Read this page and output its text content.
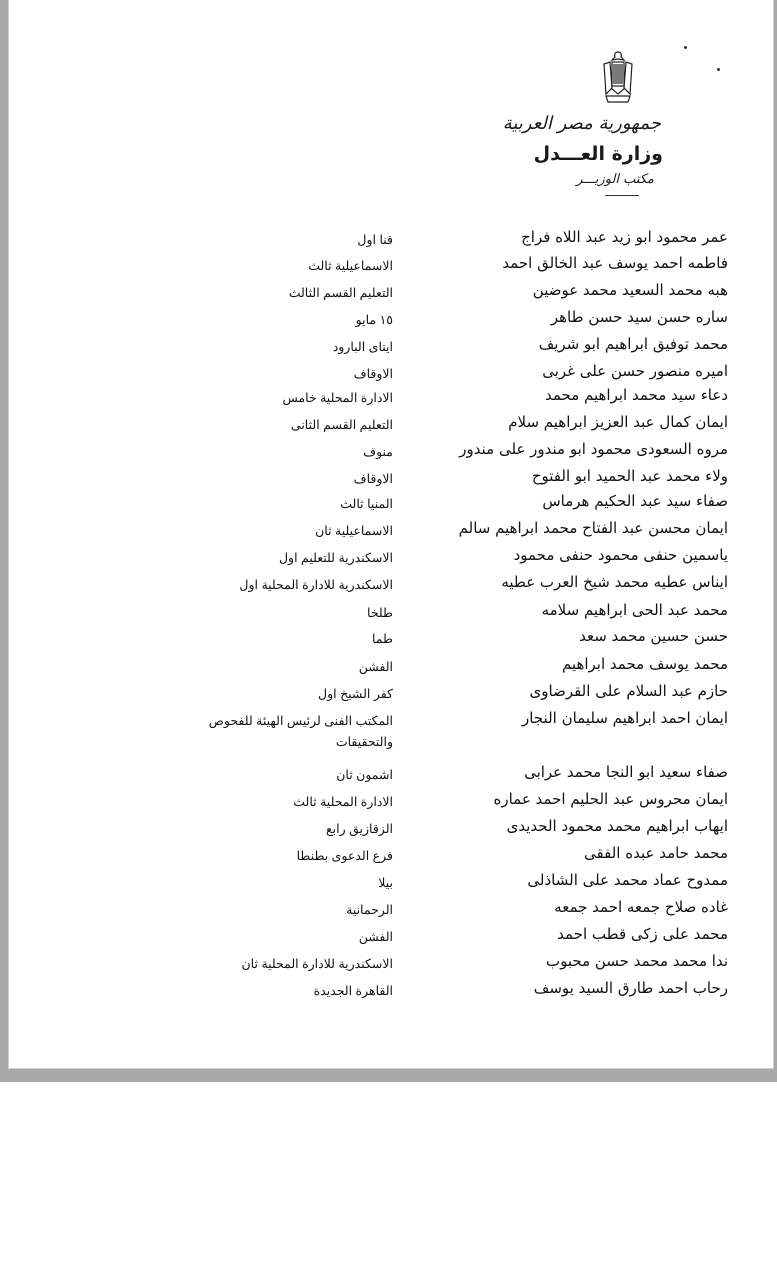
جمهورية مصر العربية
وزارة العـــدل
مكتب الوزيـــر
عمر محمود ابو زيد عبد اللاه فراج
قنا اول
فاطمه احمد يوسف عبد الخالق احمد
الاسماعيلية ثالث
هبه محمد السعيد محمد عوضين
التعليم القسم الثالث
ساره حسن سيد حسن طاهر
١٥ مايو
محمد توفيق ابراهيم ابو شريف
ايتاى البارود
اميره منصور حسن على غربى
الاوقاف
دعاء سيد محمد ابراهيم محمد
الادارة المحلية خامس
ايمان كمال عبد العزيز ابراهيم سلام
التعليم القسم الثانى
مروه السعودى محمود ابو مندور على مندور
منوف
ولاء محمد عبد الحميد ابو الفتوح
الاوقاف
صفاء سيد عبد الحكيم هرماس
المنيا ثالث
ايمان محسن عبد الفتاح محمد ابراهيم سالم
الاسماعيلية ثان
ياسمين حنفى محمود حنفى محمود
الاسكندرية للتعليم اول
ايناس عطيه محمد شيخ العرب عطيه
الاسكندرية للادارة المحلية اول
محمد عبد الحى ابراهيم سلامه
طلخا
حسن حسين محمد سعد
طما
محمد يوسف محمد ابراهيم
الفشن
حازم عبد السلام على القرضاوى
كفر الشيخ اول
ايمان احمد ابراهيم سليمان النجار
المكتب الفنى لرئيس الهيئة للفحوص والتحقيقات
صفاء سعيد ابو النجا محمد عرابى
اشمون ثان
ايمان محروس عبد الحليم احمد عماره
الادارة المحلية ثالث
ايهاب ابراهيم محمد محمود الحديدى
الزقازيق رابع
محمد حامد عبده الفقى
فرع الدعوى بطنطا
ممدوح عماد محمد على الشاذلى
بيلا
غاده صلاح جمعه احمد جمعه
الرحمانية
محمد على زكى قطب احمد
الفشن
ندا محمد محمد حسن محبوب
الاسكندرية للادارة المحلية ثان
رحاب احمد طارق السيد يوسف
القاهرة الجديدة
